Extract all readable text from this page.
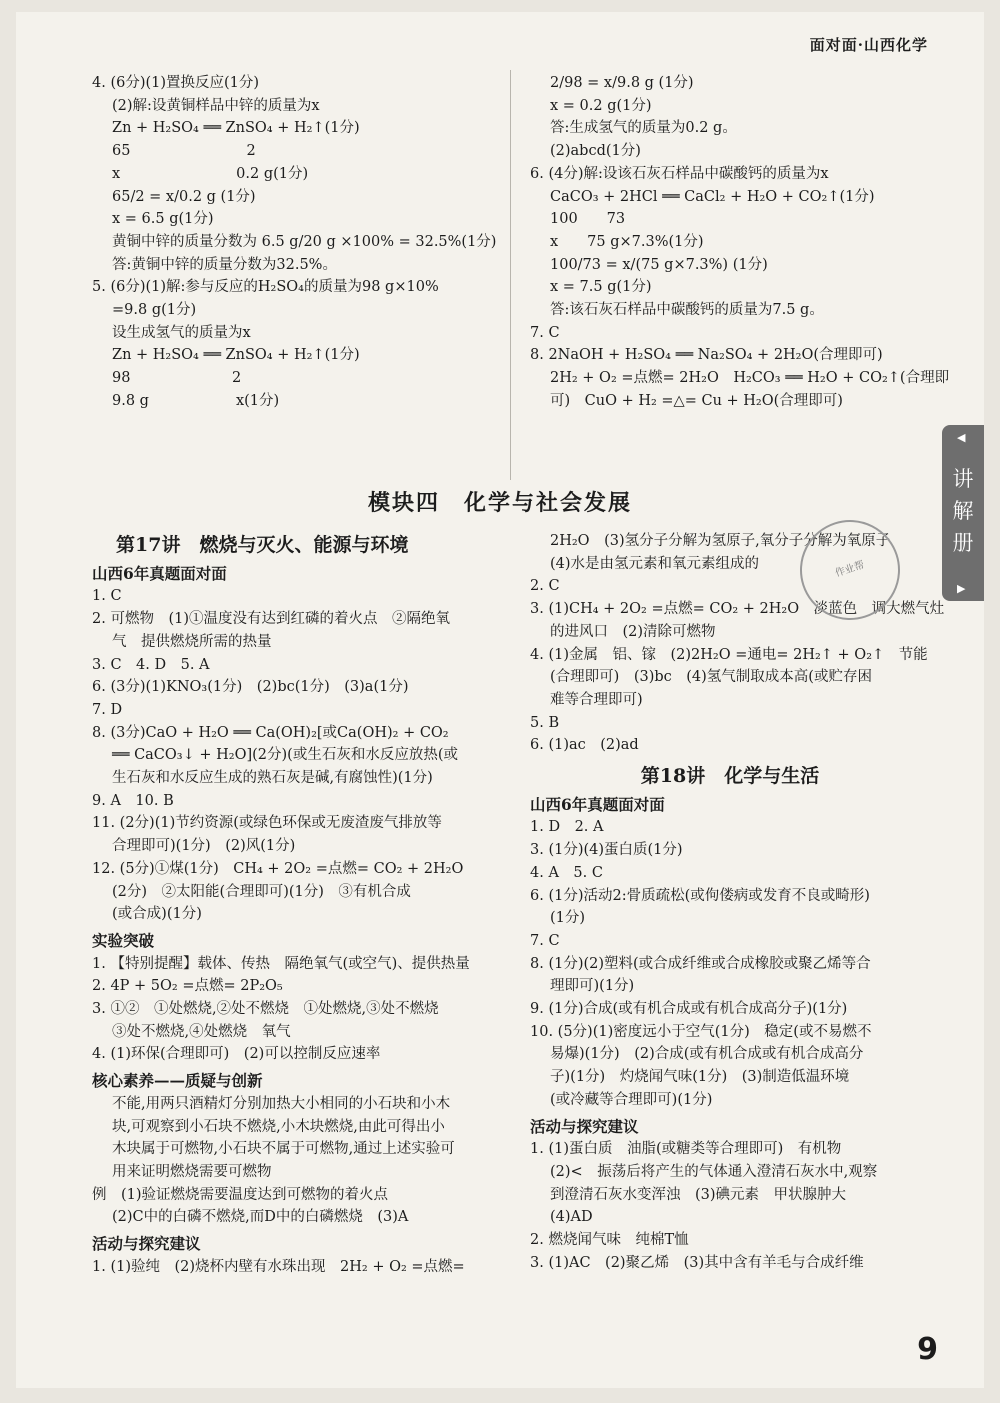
面对面·山西化学
4. (6分)(1)置换反应(1分)
(2)解:设黄铜样品中锌的质量为x
Zn + H₂SO₄ ══ ZnSO₄ + H₂↑(1分)
65　　　　　　　　2
x　　　　　　　　0.2 g(1分)
65/2 = x/0.2 g (1分)
x = 6.5 g(1分)
黄铜中锌的质量分数为 6.5 g/20 g ×100% = 32.5%(1分)
答:黄铜中锌的质量分数为32.5%。
5. (6分)(1)解:参与反应的H₂SO₄的质量为98 g×10%
=9.8 g(1分)
设生成氢气的质量为x
Zn + H₂SO₄ ══ ZnSO₄ + H₂↑(1分)
98　　　　　　　2
9.8 g　　　　　　x(1分)
2/98 = x/9.8 g (1分)
x = 0.2 g(1分)
答:生成氢气的质量为0.2 g。
(2)abcd(1分)
6. (4分)解:设该石灰石样品中碳酸钙的质量为x
CaCO₃ + 2HCl ══ CaCl₂ + H₂O + CO₂↑(1分)
100　　73
x　　75 g×7.3%(1分)
100/73 = x/(75 g×7.3%) (1分)
x = 7.5 g(1分)
答:该石灰石样品中碳酸钙的质量为7.5 g。
7. C
8. 2NaOH + H₂SO₄ ══ Na₂SO₄ + 2H₂O(合理即可)
2H₂ + O₂ =点燃= 2H₂O　H₂CO₃ ══ H₂O + CO₂↑(合理即
可)　CuO + H₂ =△= Cu + H₂O(合理即可)
模块四　化学与社会发展
第17讲　燃烧与灭火、能源与环境
山西6年真题面对面
1. C
2. 可燃物　(1)①温度没有达到红磷的着火点　②隔绝氧
气　提供燃烧所需的热量
3. C　4. D　5. A
6. (3分)(1)KNO₃(1分)　(2)bc(1分)　(3)a(1分)
7. D
8. (3分)CaO + H₂O ══ Ca(OH)₂[或Ca(OH)₂ + CO₂
══ CaCO₃↓ + H₂O](2分)(或生石灰和水反应放热(或
生石灰和水反应生成的熟石灰是碱,有腐蚀性)(1分)
9. A　10. B
11. (2分)(1)节约资源(或绿色环保或无废渣废气排放等
合理即可)(1分)　(2)风(1分)
12. (5分)①煤(1分)　CH₄ + 2O₂ =点燃= CO₂ + 2H₂O
(2分)　②太阳能(合理即可)(1分)　③有机合成
(或合成)(1分)
实验突破
1. 【特别提醒】载体、传热　隔绝氧气(或空气)、提供热量
2. 4P + 5O₂ =点燃= 2P₂O₅
3. ①②　①处燃烧,②处不燃烧　①处燃烧,③处不燃烧
③处不燃烧,④处燃烧　氧气
4. (1)环保(合理即可)　(2)可以控制反应速率
核心素养——质疑与创新
不能,用两只酒精灯分别加热大小相同的小石块和小木
块,可观察到小石块不燃烧,小木块燃烧,由此可得出小
木块属于可燃物,小石块不属于可燃物,通过上述实验可
用来证明燃烧需要可燃物
例　(1)验证燃烧需要温度达到可燃物的着火点
(2)C中的白磷不燃烧,而D中的白磷燃烧　(3)A
活动与探究建议
1. (1)验纯　(2)烧杯内壁有水珠出现　2H₂ + O₂ =点燃=
2H₂O　(3)氢分子分解为氢原子,氧分子分解为氧原子
(4)水是由氢元素和氧元素组成的
2. C
3. (1)CH₄ + 2O₂ =点燃= CO₂ + 2H₂O　淡蓝色　调大燃气灶
的进风口　(2)清除可燃物
4. (1)金属　铝、镓　(2)2H₂O =通电= 2H₂↑ + O₂↑　节能
(合理即可)　(3)bc　(4)氢气制取成本高(或贮存困
难等合理即可)
5. B
6. (1)ac　(2)ad
第18讲　化学与生活
山西6年真题面对面
1. D　2. A
3. (1分)(4)蛋白质(1分)
4. A　5. C
6. (1分)活动2:骨质疏松(或佝偻病或发育不良或畸形)
(1分)
7. C
8. (1分)(2)塑料(或合成纤维或合成橡胶或聚乙烯等合
理即可)(1分)
9. (1分)合成(或有机合成或有机合成高分子)(1分)
10. (5分)(1)密度远小于空气(1分)　稳定(或不易燃不
易爆)(1分)　(2)合成(或有机合成或有机合成高分
子)(1分)　灼烧闻气味(1分)　(3)制造低温环境
(或冷藏等合理即可)(1分)
活动与探究建议
1. (1)蛋白质　油脂(或糖类等合理即可)　有机物
(2)<　振荡后将产生的气体通入澄清石灰水中,观察
到澄清石灰水变浑浊　(3)碘元素　甲状腺肿大
(4)AD
2. 燃烧闻气味　纯棉T恤
3. (1)AC　(2)聚乙烯　(3)其中含有羊毛与合成纤维
作业帮
◀
讲
解
册
▶
9
